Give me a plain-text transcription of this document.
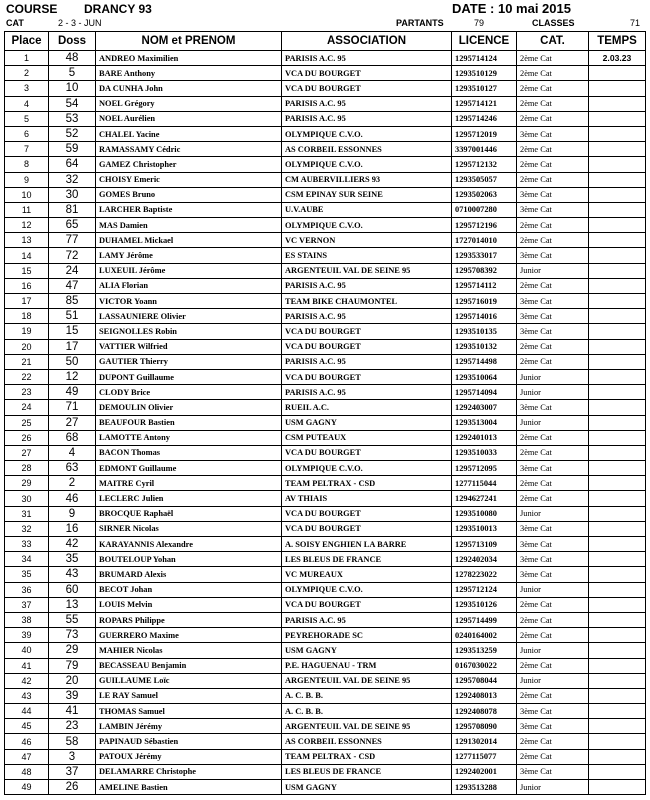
COURSE DRANCY 93	DATE : 10 mai 2015
CAT	2 - 3 - JUN	PARTANTS	79	CLASSES	71
Place	Doss	NOM et PRENOM	ASSOCIATION	LICENCE	CAT.	TEMPS
1	48	ANDREO Maximilien	PARISIS A.C. 95	1295714124	2ème Cat	2.03.23
2	5	BARE Anthony	VCA DU BOURGET	1293510129	2ème Cat	
3	10	DA CUNHA John	VCA DU BOURGET	1293510127	2ème Cat	
4	54	NOEL Grégory	PARISIS A.C. 95	1295714121	2ème Cat	
5	53	NOEL Aurélien	PARISIS A.C. 95	1295714246	2ème Cat	
6	52	CHALEL Yacine	OLYMPIQUE C.V.O.	1295712019	3ème Cat	
7	59	RAMASSAMY Cédric	AS CORBEIL ESSONNES	3397001446	2ème Cat	
8	64	GAMEZ Christopher	OLYMPIQUE C.V.O.	1295712132	2ème Cat	
9	32	CHOISY Emeric	CM AUBERVILLIERS 93	1293505057	2ème Cat	
10	30	GOMES Bruno	CSM EPINAY SUR SEINE	1293502063	3ème Cat	
11	81	LARCHER Baptiste	U.V.AUBE	0710007280	3ème Cat	
12	65	MAS Damien	OLYMPIQUE C.V.O.	1295712196	2ème Cat	
13	77	DUHAMEL Mickael	VC VERNON	1727014010	2ème Cat	
14	72	LAMY Jérôme	ES STAINS	1293533017	3ème Cat	
15	24	LUXEUIL Jérôme	ARGENTEUIL VAL DE SEINE 95	1295708392	Junior	
16	47	ALIA Florian	PARISIS A.C. 95	1295714112	2ème Cat	
17	85	VICTOR Yoann	TEAM BIKE CHAUMONTEL	1295716019	3ème Cat	
18	51	LASSAUNIERE Olivier	PARISIS A.C. 95	1295714016	3ème Cat	
19	15	SEIGNOLLES Robin	VCA DU BOURGET	1293510135	3ème Cat	
20	17	VATTIER Wilfried	VCA DU BOURGET	1293510132	2ème Cat	
21	50	GAUTIER Thierry	PARISIS A.C. 95	1295714498	2ème Cat	
22	12	DUPONT Guillaume	VCA DU BOURGET	1293510064	Junior	
23	49	CLODY Brice	PARISIS A.C. 95	1295714094	Junior	
24	71	DEMOULIN Olivier	RUEIL A.C.	1292403007	3ème Cat	
25	27	BEAUFOUR Bastien	USM GAGNY	1293513004	Junior	
26	68	LAMOTTE Antony	CSM PUTEAUX	1292401013	2ème Cat	
27	4	BACON Thomas	VCA DU BOURGET	1293510033	2ème Cat	
28	63	EDMONT Guillaume	OLYMPIQUE C.V.O.	1295712095	3ème Cat	
29	2	MAITRE Cyril	TEAM PELTRAX - CSD	1277115044	2ème Cat	
30	46	LECLERC Julien	AV THIAIS	1294627241	2ème Cat	
31	9	BROCQUE Raphaël	VCA DU BOURGET	1293510080	Junior	
32	16	SIRNER Nicolas	VCA DU BOURGET	1293510013	3ème Cat	
33	42	KARAYANNIS Alexandre	A. SOISY ENGHIEN LA BARRE	1295713109	3ème Cat	
34	35	BOUTELOUP Yohan	LES BLEUS DE FRANCE	1292402034	3ème Cat	
35	43	BRUMARD Alexis	VC MUREAUX	1278223022	3ème Cat	
36	60	BECOT Johan	OLYMPIQUE C.V.O.	1295712124	Junior	
37	13	LOUIS Melvin	VCA DU BOURGET	1293510126	2ème Cat	
38	55	ROPARS Philippe	PARISIS A.C. 95	1295714499	2ème Cat	
39	73	GUERRERO Maxime	PEYREHORADE SC	0240164002	2ème Cat	
40	29	MAHIER Nicolas	USM GAGNY	1293513259	Junior	
41	79	BECASSEAU Benjamin	P.E. HAGUENAU - TRM	0167030022	2ème Cat	
42	20	GUILLAUME Loïc	ARGENTEUIL VAL DE SEINE 95	1295708044	Junior	
43	39	LE RAY Samuel	A. C. B. B.	1292408013	2ème Cat	
44	41	THOMAS Samuel	A. C. B. B.	1292408078	3ème Cat	
45	23	LAMBIN Jérémy	ARGENTEUIL VAL DE SEINE 95	1295708090	3ème Cat	
46	58	PAPINAUD Sébastien	AS CORBEIL ESSONNES	1291302014	2ème Cat	
47	3	PATOUX Jérémy	TEAM PELTRAX - CSD	1277115077	2ème Cat	
48	37	DELAMARRE Christophe	LES BLEUS DE FRANCE	1292402001	3ème Cat	
49	26	AMELINE Bastien	USM GAGNY	1293513288	Junior	
